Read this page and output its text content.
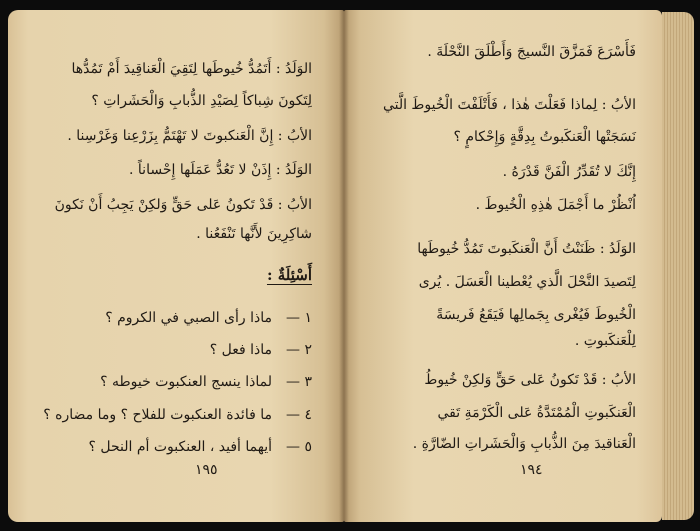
الوَلَدُ : أَتَمُدُّ خُيوطَها لِتَقِيَ الْعَناقِيدَ أَمْ تَمُدُّها
لِتَكونَ شِباكاً لِصَيْدِ الذُّبابِ وَالْحَشَراتِ ؟
الأبُ : إِنَّ الْعَنكبوتَ لا تَهْتَمُّ بِزَرْعِنا وَغَرْسِنا .
الوَلَدُ : إِذَنْ لا تَعُدُّ عَمَلَها إِحْساناً .
الأبُ : قَدْ تَكونُ عَلى حَقٍّ وَلكِنْ يَجِبُ أَنْ نَكونَ
شاكِرِينَ لأَنَّها تَنْفَعُنا .
أَسْئِلَةٌ :
١ —ماذا رأى الصبي في الكروم ؟
٢ —ماذا فعل ؟
٣ —لماذا ينسج العنكبوت خيوطه ؟
٤ —ما فائدة العنكبوت للفلاح ؟ وما مضاره ؟
٥ —أيهما أفيد ، العنكبوت أم النحل ؟
١٩٥
فَأَسْرَعَ فَمَزَّقَ النَّسيجَ وَأَطْلَقَ النَّحْلَةَ .
الأبُ : لِماذا فَعَلْتَ هٰذا ، فَأَتْلَفْتَ الْخُيوطَ الَّتي
نَسَجَتْها الْعَنكَبوتُ بِدِقَّةٍ وَإِحْكامٍ ؟
إِنَّكَ لا تُقَدِّرُ الْفَنَّ قَدْرَهُ .
اُنْظُرْ ما أَجْمَلَ هٰذِهِ الْخُيوطَ .
الوَلَدُ : ظَنَنْتُ أَنَّ الْعَنكَبوتَ تَمُدُّ خُيوطَها
لِتَصيدَ النَّحْلَ الَّذي يُعْطينا الْعَسَلَ . يُرى
الْخُيوطَ فَيُغْرى بِجَمالِها فَيَقَعُ فَريسَةً
لِلْعَنكَبوتِ .
الأبُ : قَدْ تَكونُ عَلى حَقٍّ وَلكِنْ خُيوطُ
الْعَنكَبوتِ الْمُمْتَدَّةُ عَلى الْكَرْمَةِ تَقي
الْعَناقيدَ مِنَ الذُّبابِ وَالْحَشَراتِ الضّارَّةِ .
١٩٤
